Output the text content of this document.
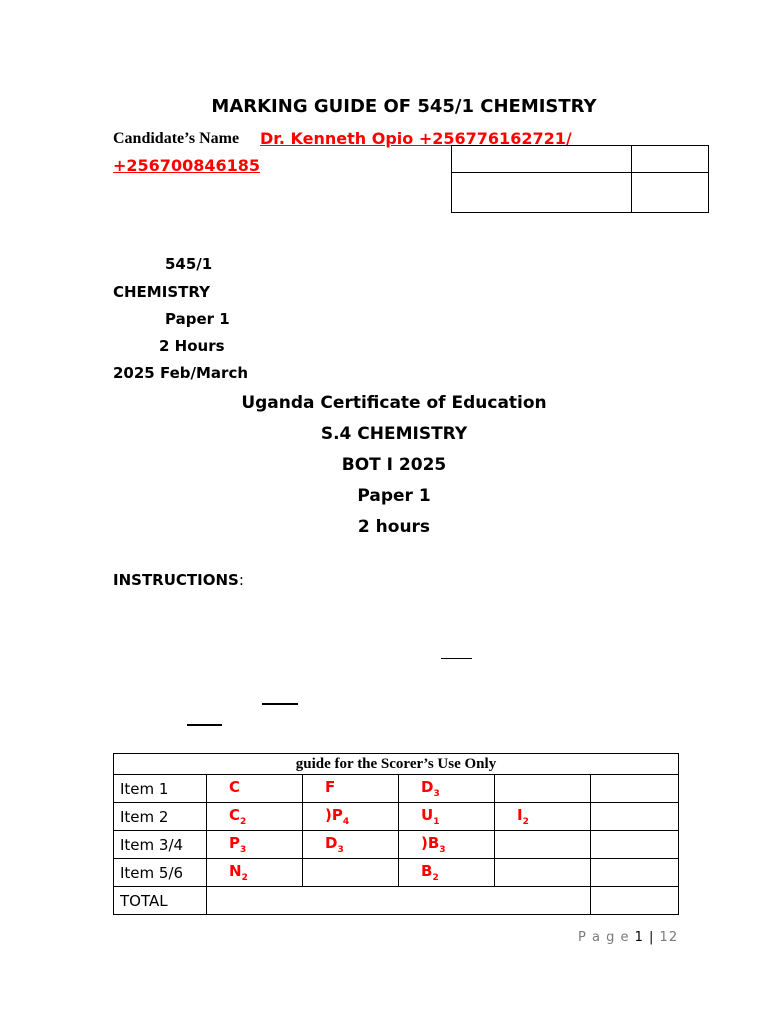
MARKING GUIDE OF 545/1 CHEMISTRY
Candidate’s Name Dr. Kenneth Opio +256776162721/
+256700846185
545/1
CHEMISTRY
Paper 1
2 Hours
2025 Feb/March
Uganda Certificate of Education
S.4 CHEMISTRY
BOT I 2025
Paper 1
2 hours
INSTRUCTIONS:
guide for the Scorer’s Use Only					
Item 1	C	F	$D_3$		
Item 2	$C_2$	)$P_4$	$U_1$	$I_2$	
Item 3/4	$P_3$	$D_3$	)$B_3$		
Item 5/6	$N_2$		$B_2$		
TOTAL					
P a g e 1 | 12
